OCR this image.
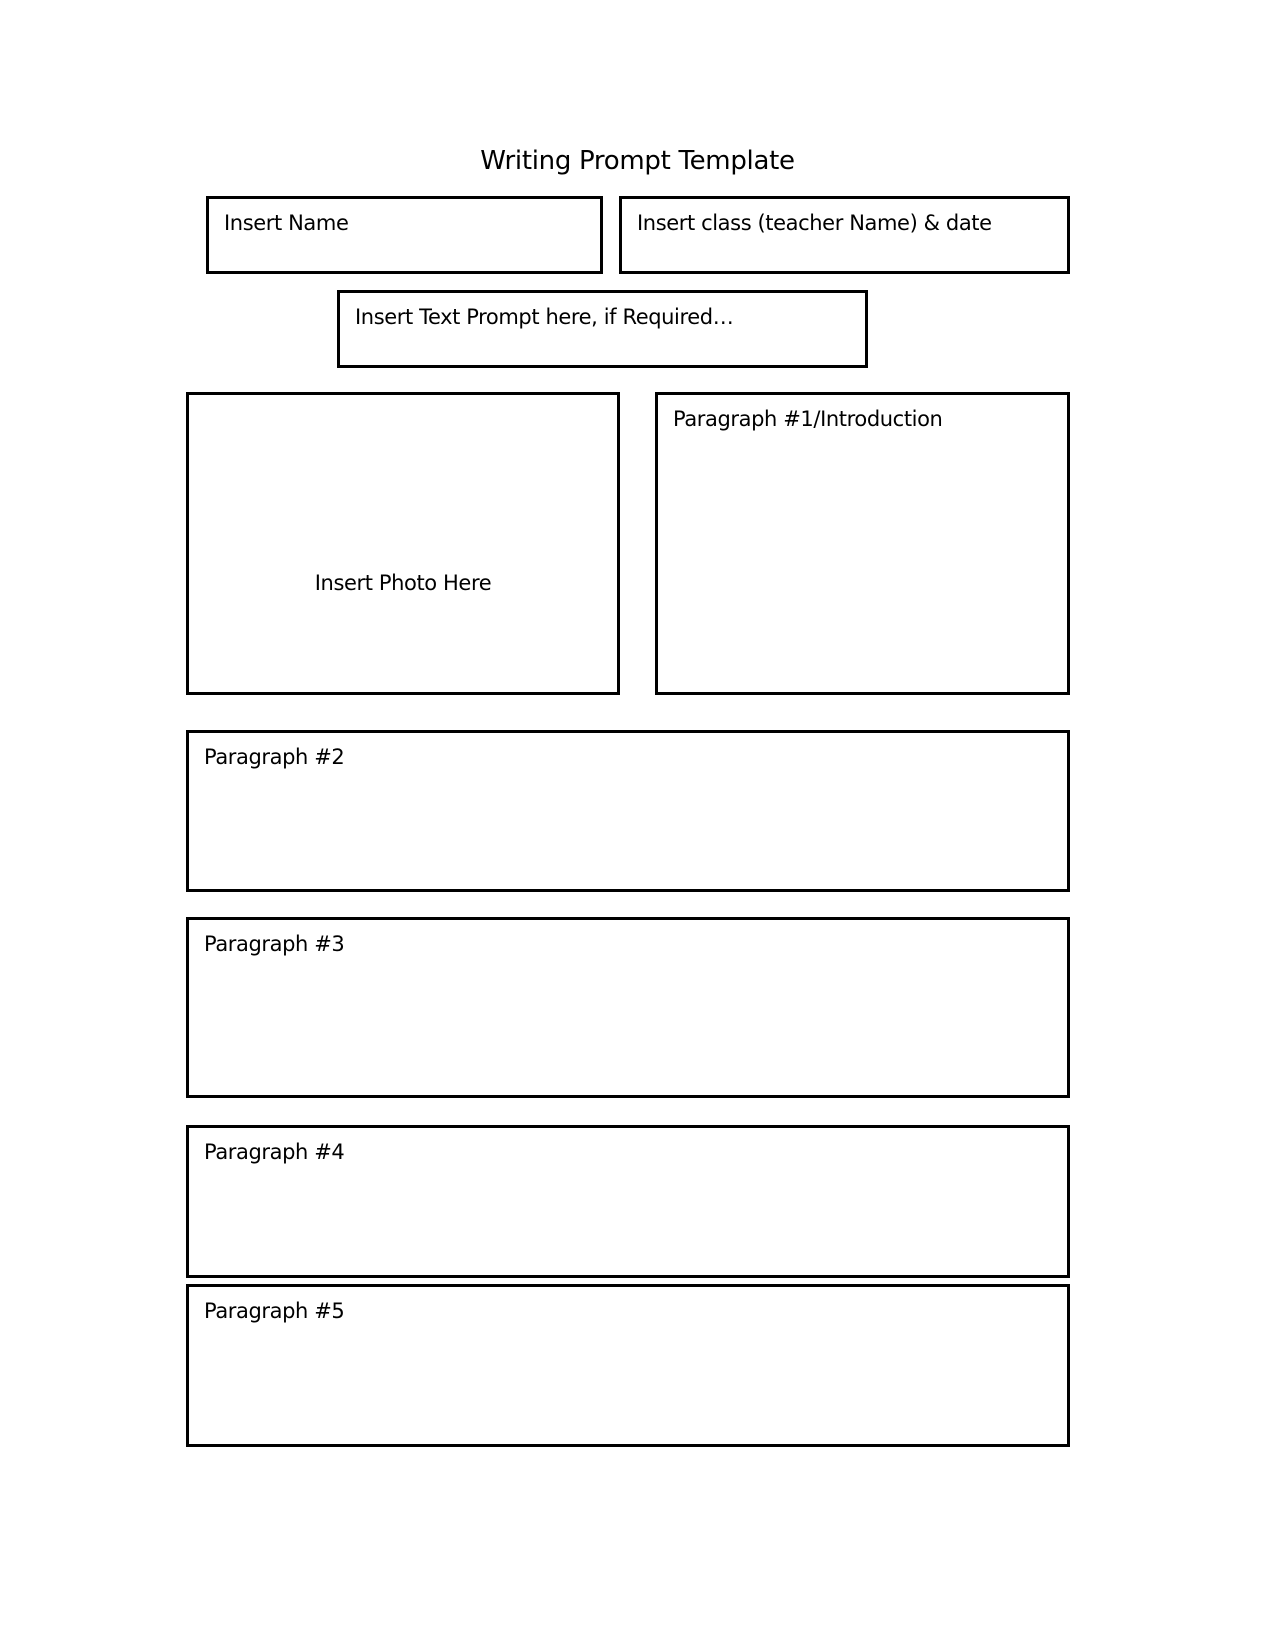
Writing Prompt Template
Insert Name	Insert class (teacher Name) & date
Insert Text Prompt here, if Required…
Insert Photo Here
Paragraph #1/Introduction
Paragraph #2
Paragraph #3
Paragraph #4
Paragraph #5
